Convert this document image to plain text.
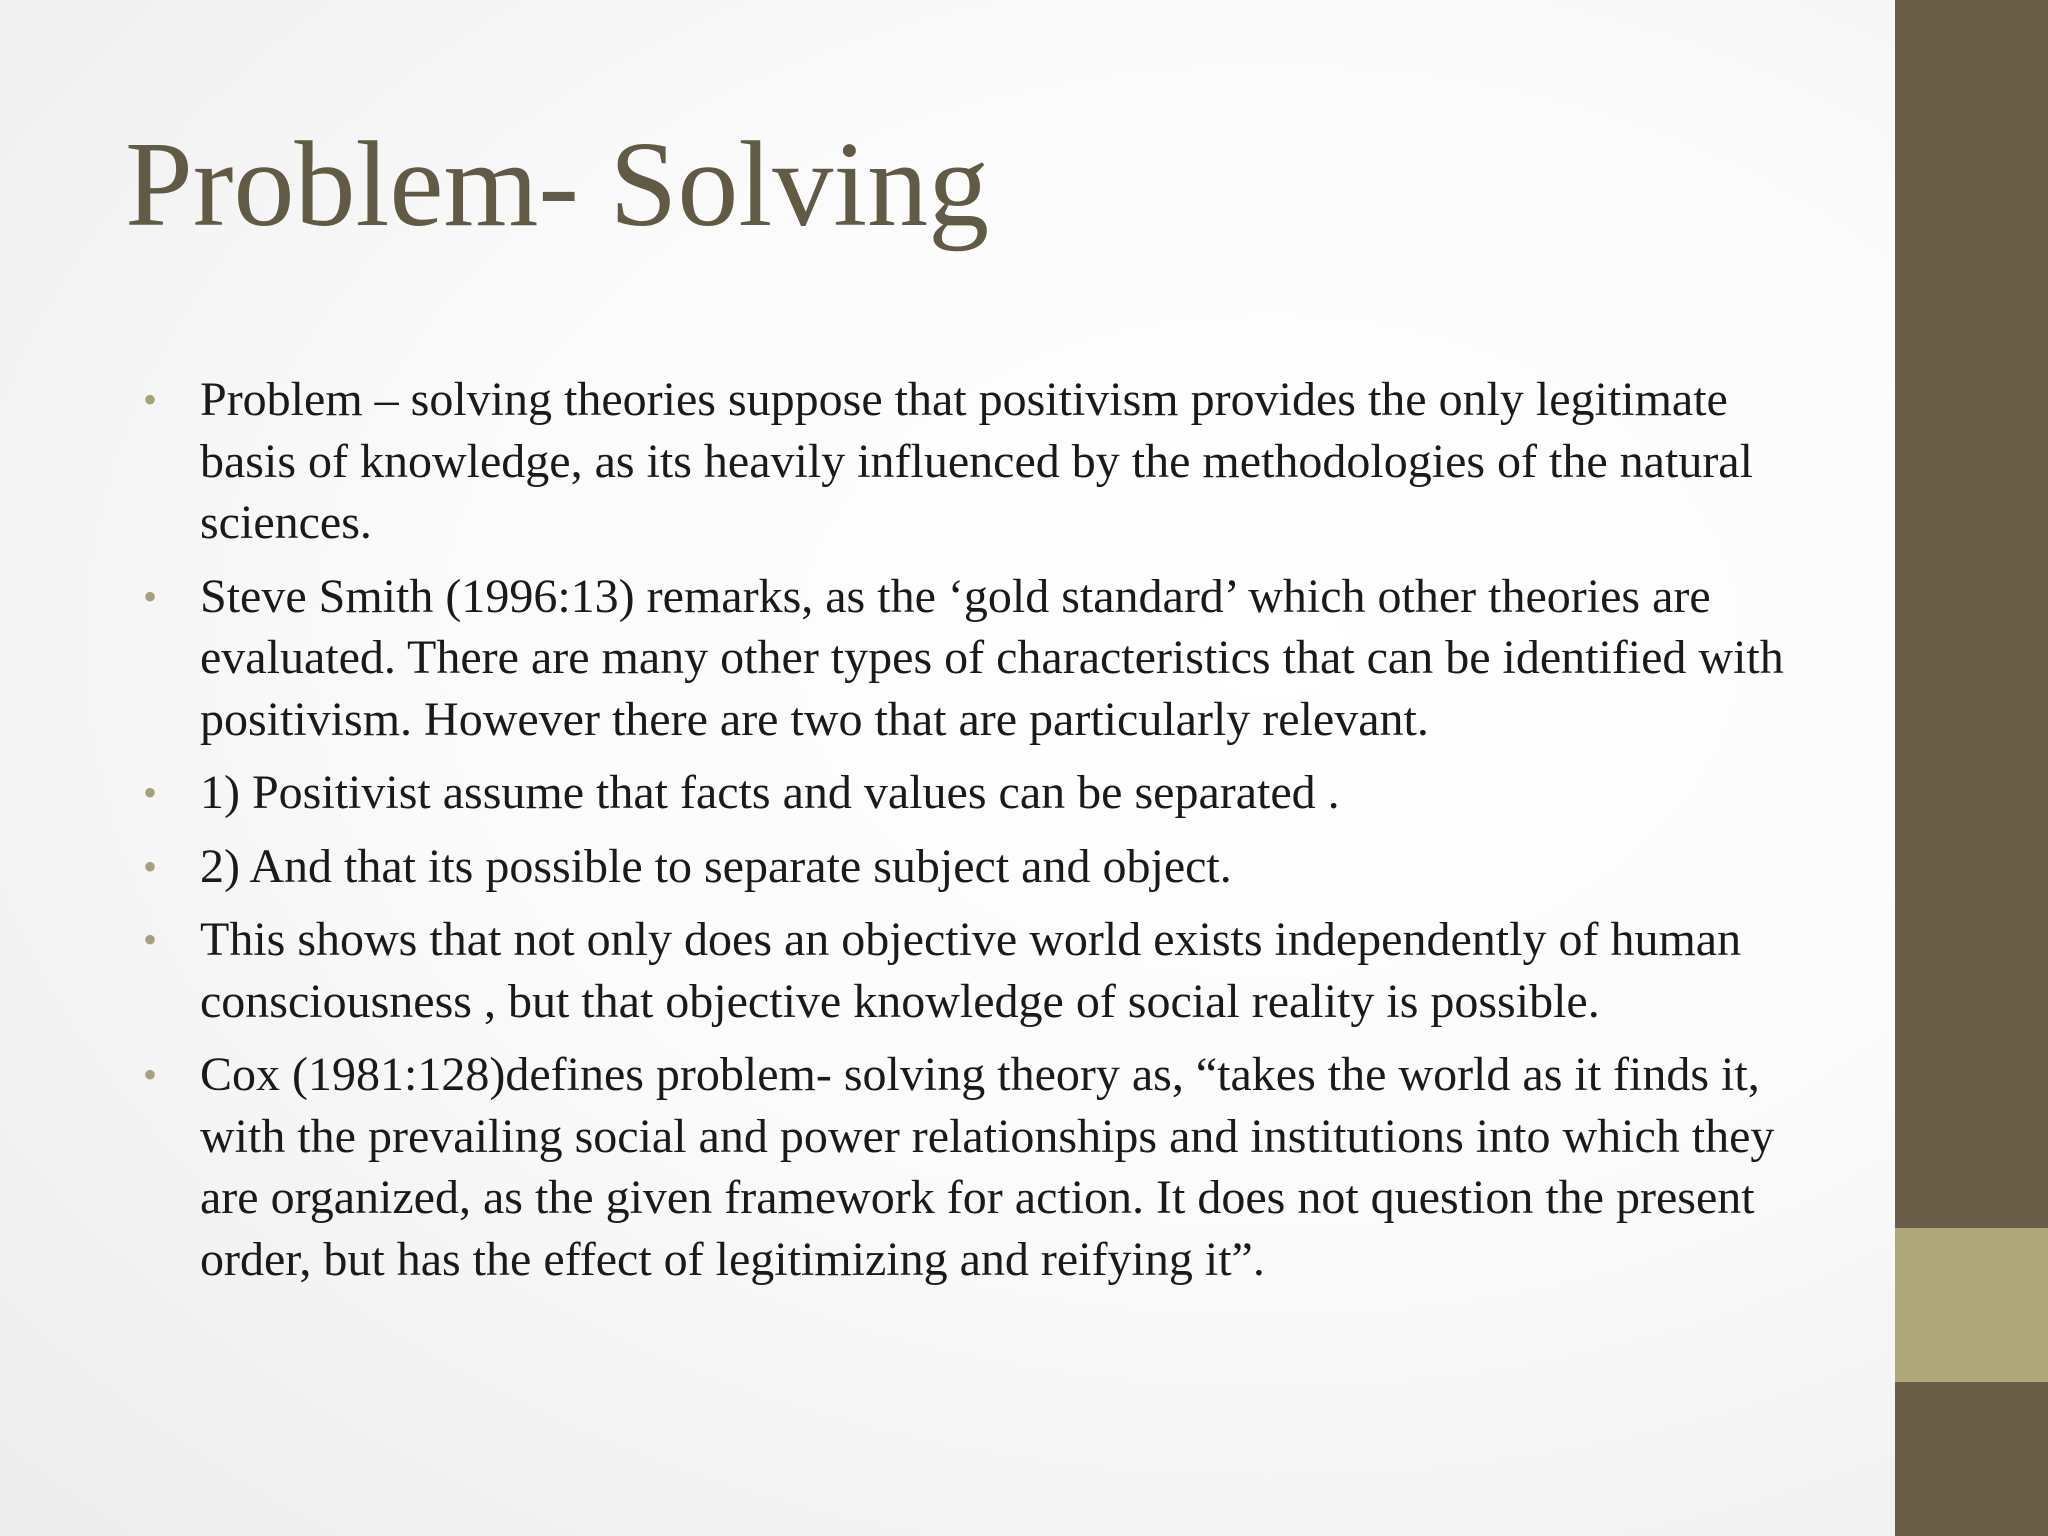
Problem- Solving
• Problem – solving theories suppose that positivism provides the only legitimate basis of knowledge, as its heavily influenced by the methodologies of the natural sciences.
• Steve Smith (1996:13) remarks, as the ‘gold standard’ which other theories are evaluated. There are many other types of characteristics that can be identified with positivism. However there are two that are particularly relevant.
• 1) Positivist assume that facts and values can be separated .
• 2) And that its possible to separate subject and object.
• This shows that not only does an objective world exists independently of human consciousness , but that objective knowledge of social reality is possible.
• Cox (1981:128)defines problem- solving theory as, “takes the world as it finds it, with the prevailing social and power relationships and institutions into which they are organized, as the given framework for action. It does not question the present order, but has the effect of legitimizing and reifying it”.
